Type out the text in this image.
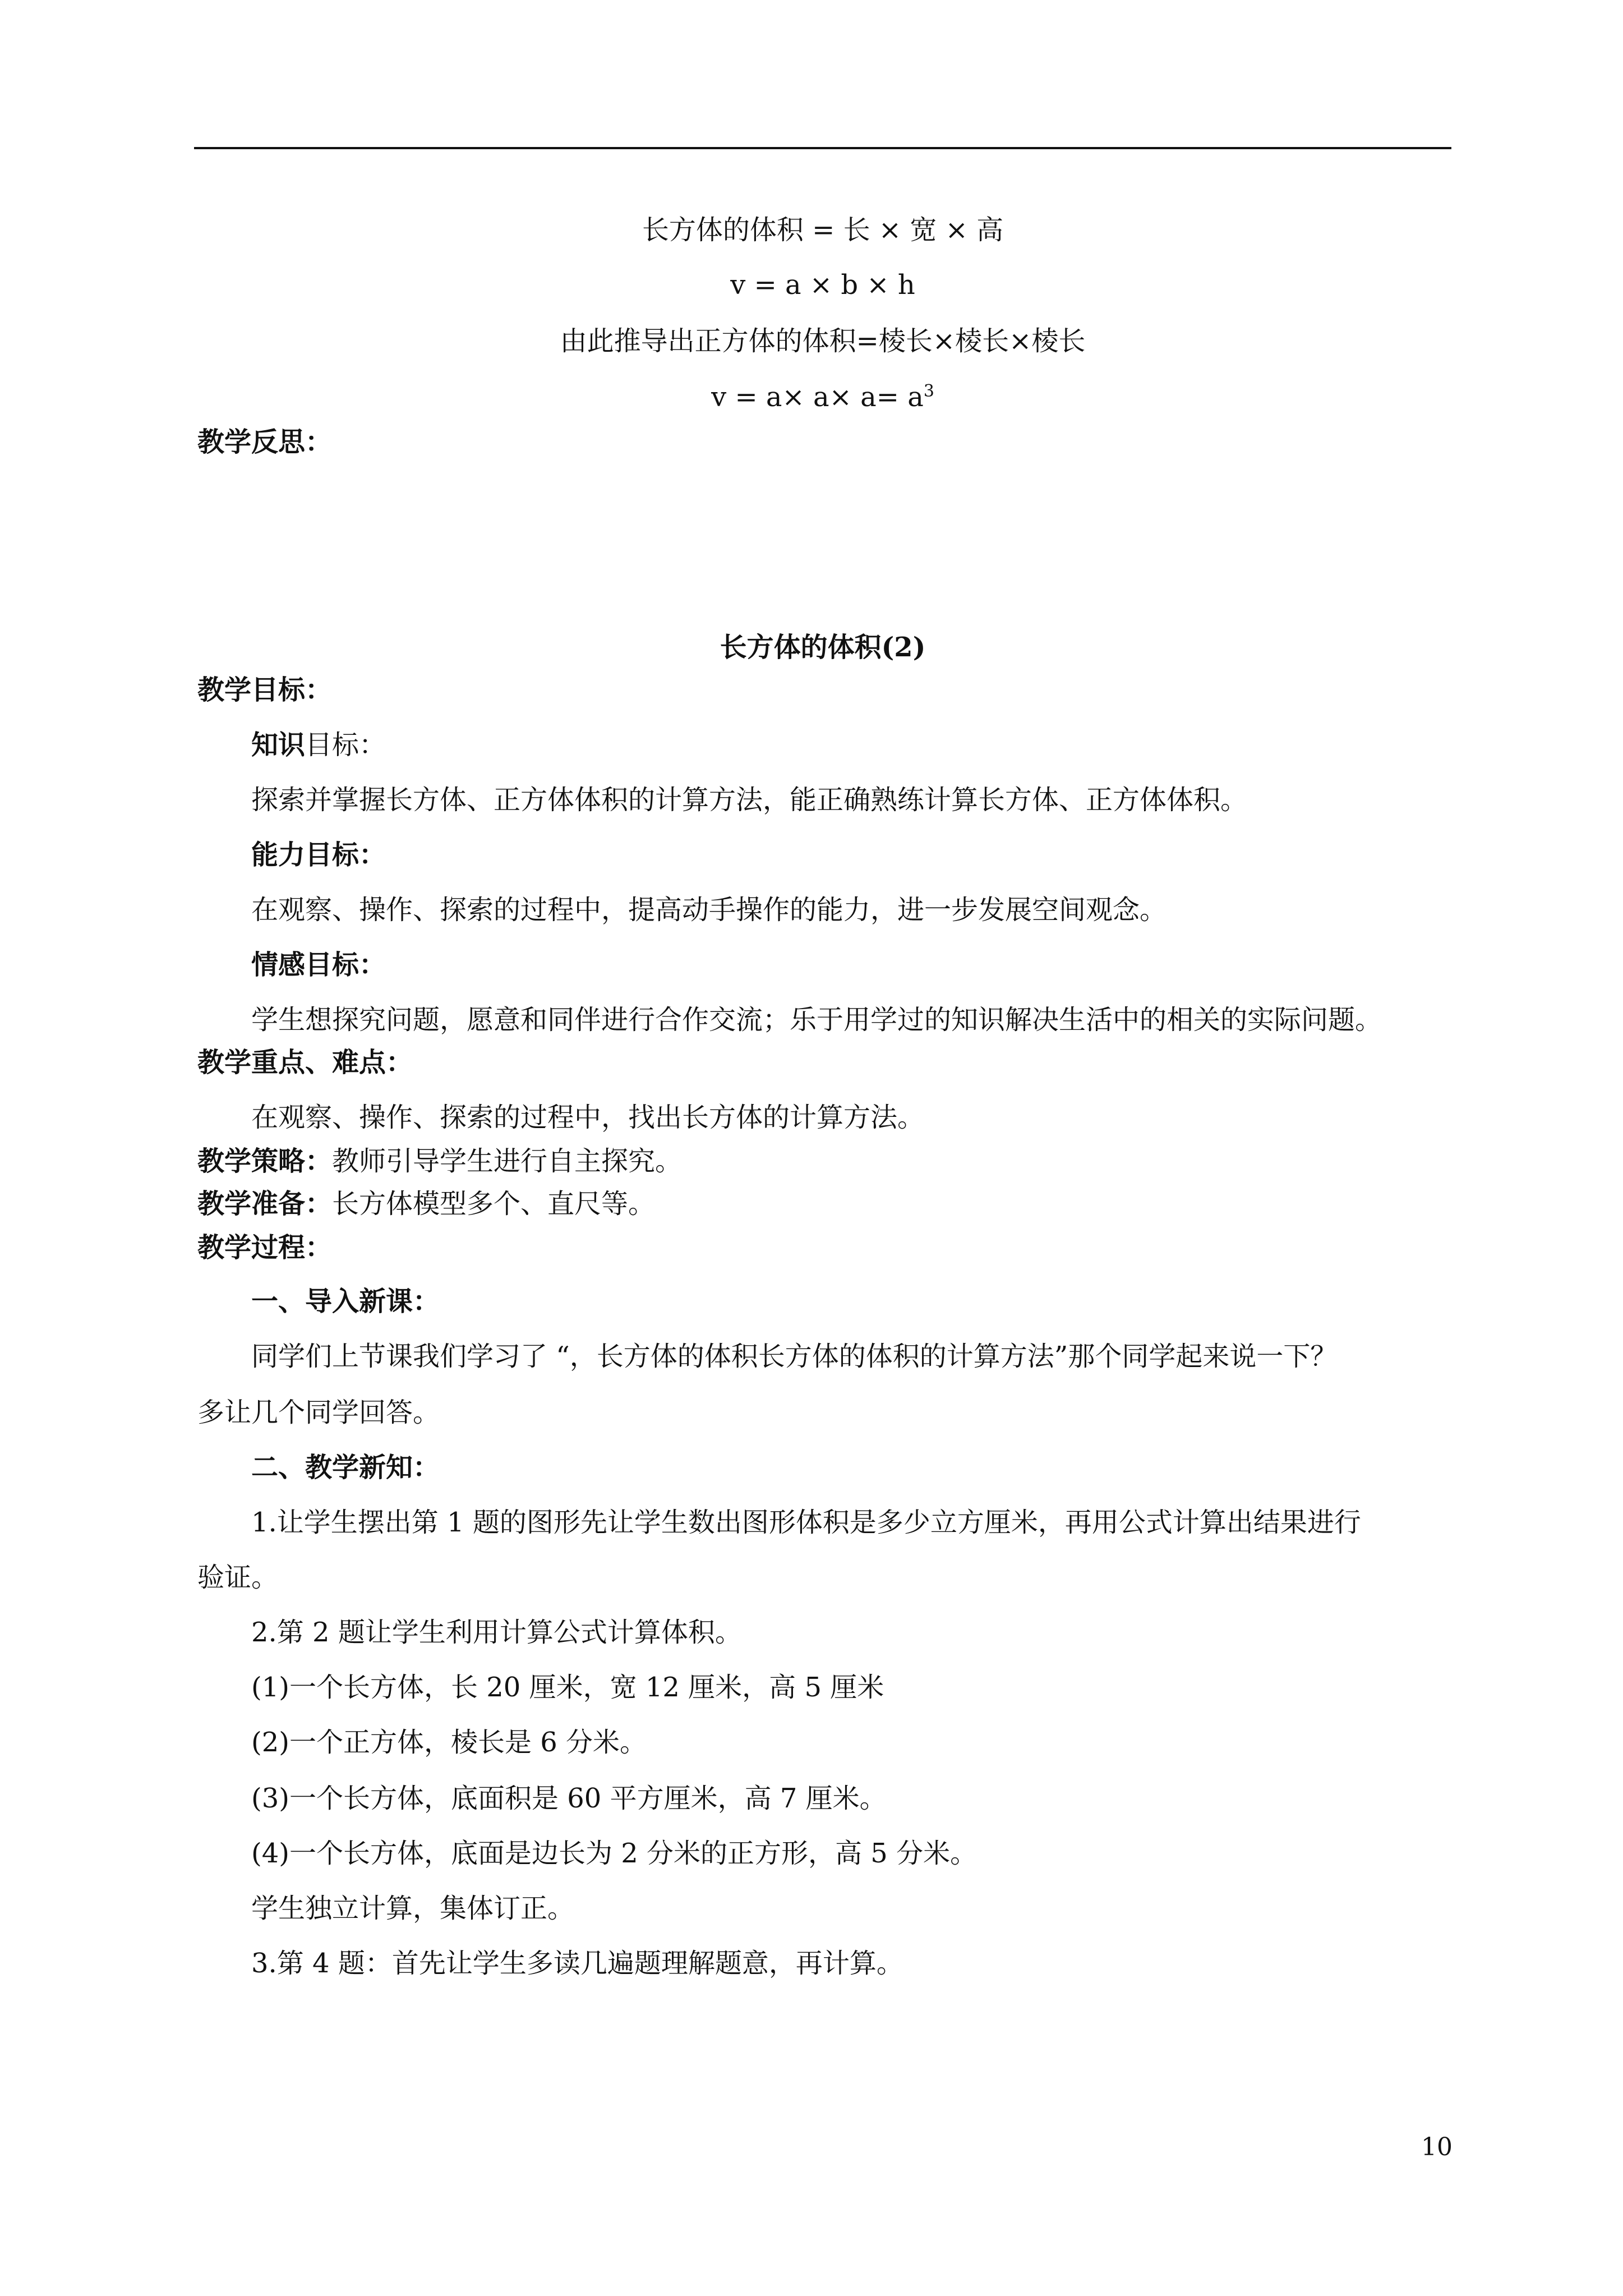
长方体的体积 = 长 × 宽 × 高
v = a × b × h
由此推导出正方体的体积=棱长×棱长×棱长
$v = a\times a\times a= a^3$
教学反思：
长方体的体积(2)
教学目标：
知识目标：
探索并掌握长方体、正方体体积的计算方法，能正确熟练计算长方体、正方体体积。
能力目标：
在观察、操作、探索的过程中，提高动手操作的能力，进一步发展空间观念。
情感目标：
学生想探究问题，愿意和同伴进行合作交流；乐于用学过的知识解决生活中的相关的实际问题。
教学重点、难点：
在观察、操作、探索的过程中，找出长方体的计算方法。
教学策略：教师引导学生进行自主探究。
教学准备：长方体模型多个、直尺等。
教学过程：
一、导入新课：
同学们上节课我们学习了 “，长方体的体积长方体的体积的计算方法”那个同学起来说一下？
多让几个同学回答。
二、教学新知：
1.让学生摆出第 1 题的图形先让学生数出图形体积是多少立方厘米，再用公式计算出结果进行
验证。
2.第 2 题让学生利用计算公式计算体积。
(1)一个长方体，长 20 厘米，宽 12 厘米，高 5 厘米
(2)一个正方体，棱长是 6 分米。
(3)一个长方体，底面积是 60 平方厘米，高 7 厘米。
(4)一个长方体，底面是边长为 2 分米的正方形，高 5 分米。
学生独立计算，集体订正。
3.第 4 题：首先让学生多读几遍题理解题意，再计算。
10
